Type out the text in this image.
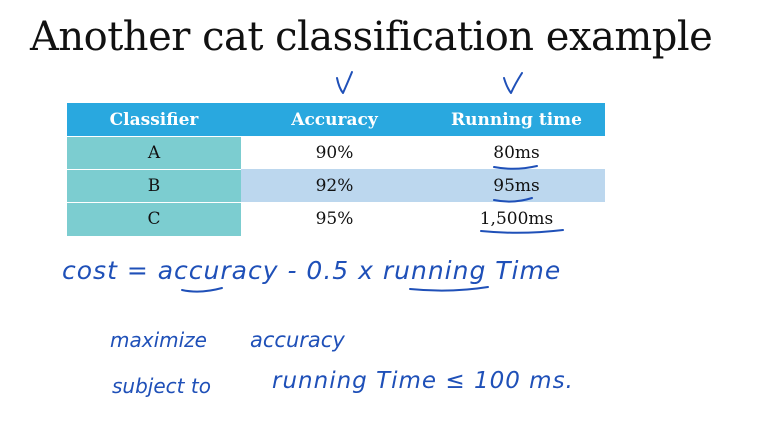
Another cat classification example
Classifier	Accuracy	Running time
A	90%	80ms
B	92%	95ms
C	95%	1,500ms
cost = accuracy - 0.5 x running Time
maximize accuracy
subject to	running Time ≤ 100 ms.
